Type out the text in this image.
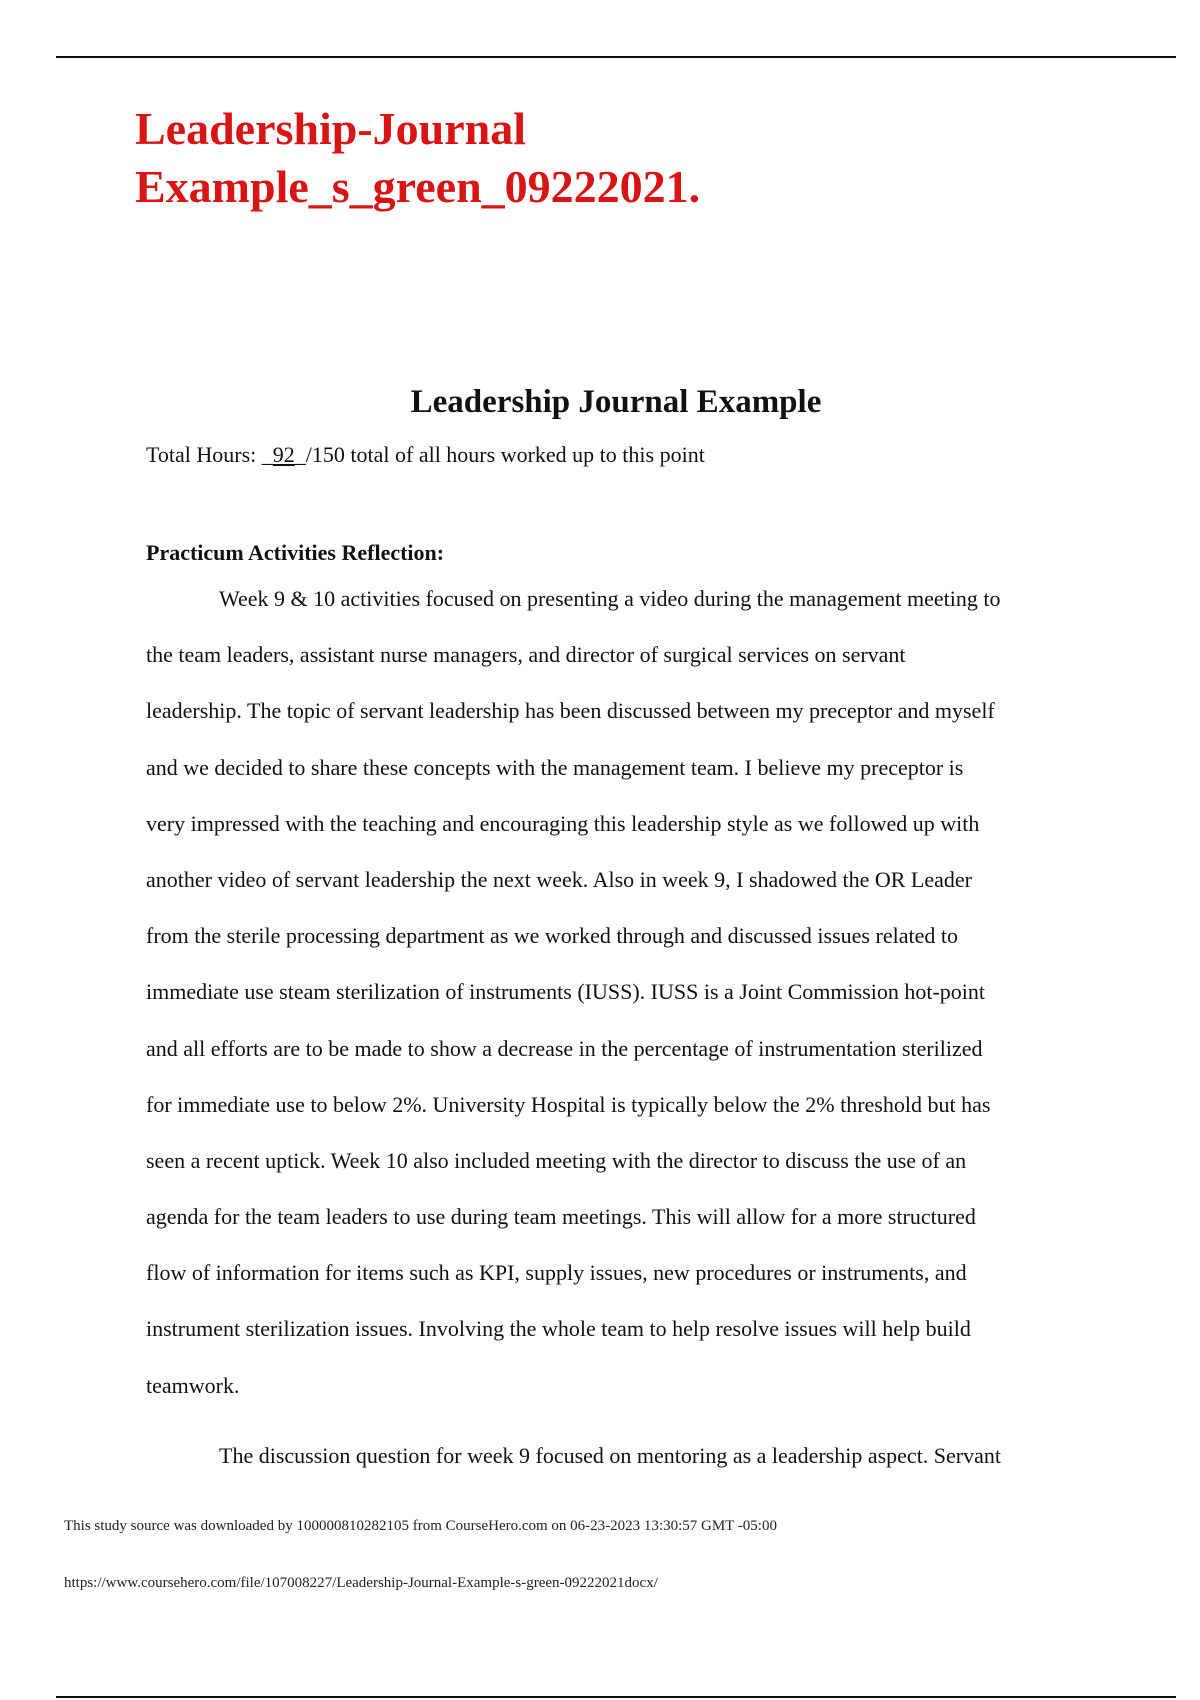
Leadership-Journal
Example_s_green_09222021.
Leadership Journal Example
Total Hours: _92_/150 total of all hours worked up to this point
Practicum Activities Reflection:
Week 9 & 10 activities focused on presenting a video during the management meeting to
the team leaders, assistant nurse managers, and director of surgical services on servant
leadership. The topic of servant leadership has been discussed between my preceptor and myself
and we decided to share these concepts with the management team. I believe my preceptor is
very impressed with the teaching and encouraging this leadership style as we followed up with
another video of servant leadership the next week. Also in week 9, I shadowed the OR Leader
from the sterile processing department as we worked through and discussed issues related to
immediate use steam sterilization of instruments (IUSS). IUSS is a Joint Commission hot-point
and all efforts are to be made to show a decrease in the percentage of instrumentation sterilized
for immediate use to below 2%. University Hospital is typically below the 2% threshold but has
seen a recent uptick. Week 10 also included meeting with the director to discuss the use of an
agenda for the team leaders to use during team meetings. This will allow for a more structured
flow of information for items such as KPI, supply issues, new procedures or instruments, and
instrument sterilization issues. Involving the whole team to help resolve issues will help build
teamwork.
The discussion question for week 9 focused on mentoring as a leadership aspect. Servant
This study source was downloaded by 100000810282105 from CourseHero.com on 06-23-2023 13:30:57 GMT -05:00
https://www.coursehero.com/file/107008227/Leadership-Journal-Example-s-green-09222021docx/
